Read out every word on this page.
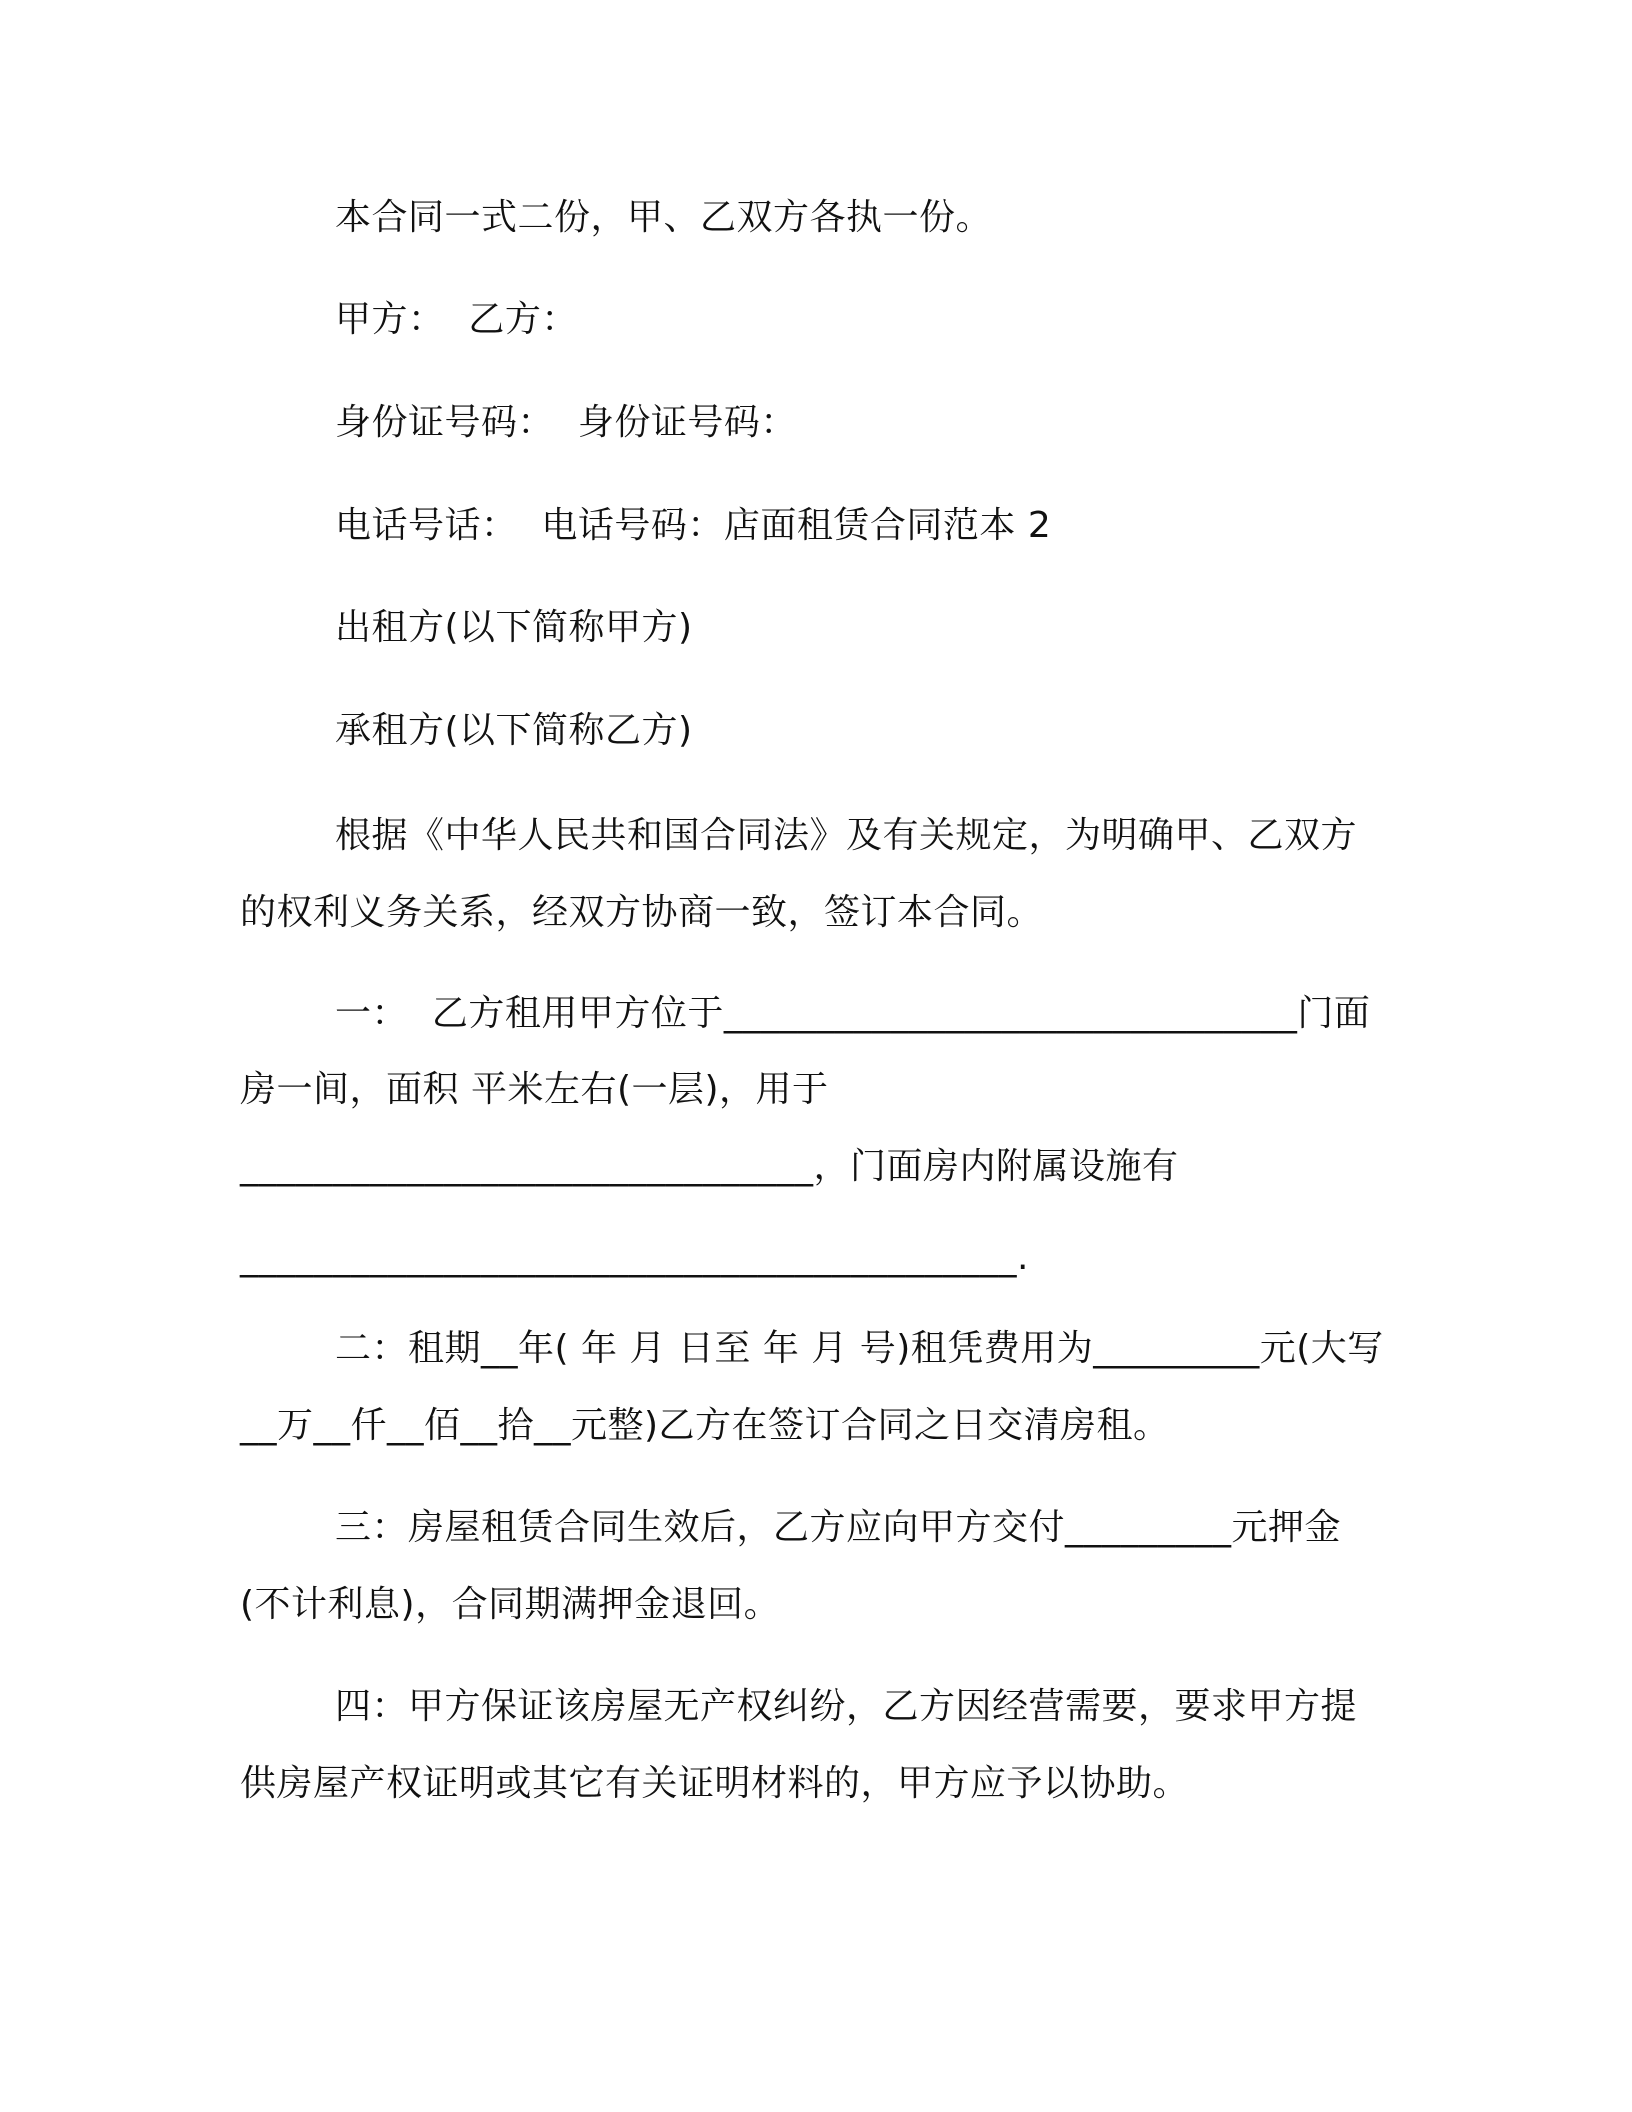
本合同一式二份，甲、乙双方各执一份。
甲方：  乙方：
身份证号码：  身份证号码：
电话号话：  电话号码：店面租赁合同范本 2
出租方(以下简称甲方)
承租方(以下简称乙方)
根据《中华人民共和国合同法》及有关规定，为明确甲、乙双方
的权利义务关系，经双方协商一致，签订本合同。
一：  乙方租用甲方位于_______________________________门面
房一间，面积 平米左右(一层)，用于
_______________________________，门面房内附属设施有
__________________________________________.
二：租期__年( 年 月 日至 年 月 号)租凭费用为_________元(大写
__万__仟__佰__拾__元整)乙方在签订合同之日交清房租。
三：房屋租赁合同生效后，乙方应向甲方交付_________元押金
(不计利息)，合同期满押金退回。
四：甲方保证该房屋无产权纠纷，乙方因经营需要，要求甲方提
供房屋产权证明或其它有关证明材料的，甲方应予以协助。
